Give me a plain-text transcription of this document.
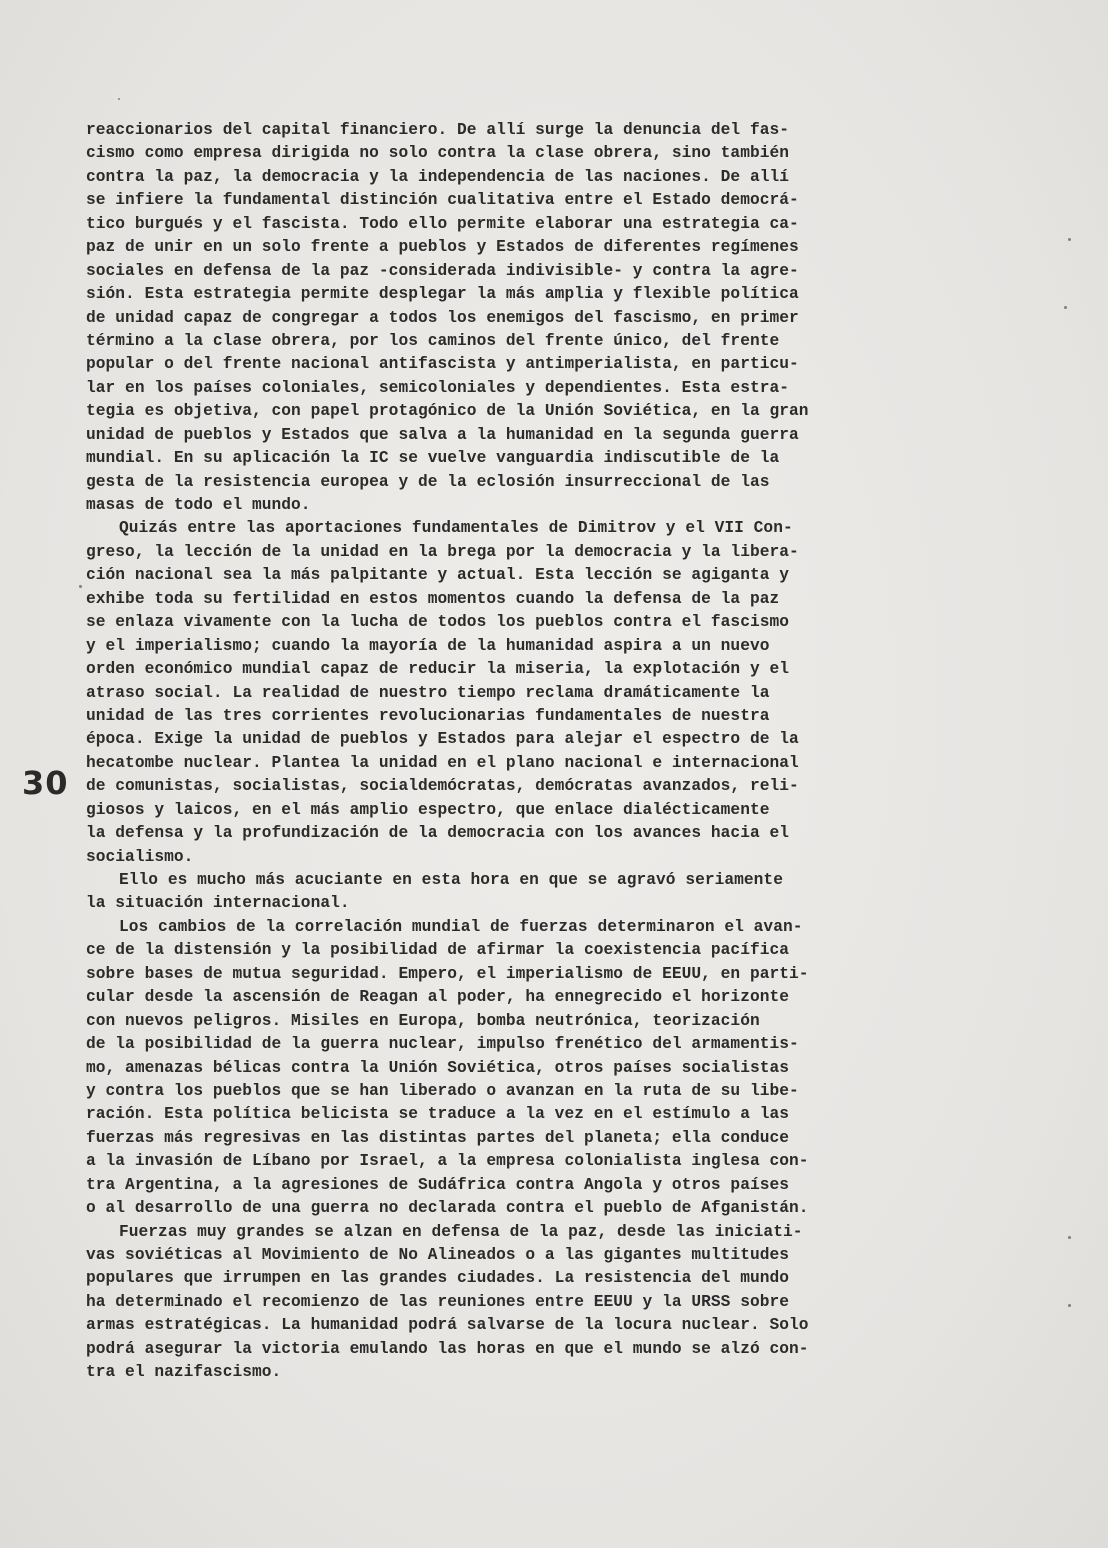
30
reaccionarios del capital financiero. De allí surge la denuncia del fas-
cismo como empresa dirigida no solo contra la clase obrera, sino también
contra la paz, la democracia y la independencia de las naciones. De allí
se infiere la fundamental distinción cualitativa entre el Estado democrá-
tico burgués y el fascista. Todo ello permite elaborar una estrategia ca-
paz de unir en un solo frente a pueblos y Estados de diferentes regímenes
sociales en defensa de la paz -considerada indivisible- y contra la agre-
sión. Esta estrategia permite desplegar la más amplia y flexible política
de unidad capaz de congregar a todos los enemigos del fascismo, en primer
término a la clase obrera, por los caminos del frente único, del frente
popular o del frente nacional antifascista y antimperialista, en particu-
lar en los países coloniales, semicoloniales y dependientes. Esta estra-
tegia es objetiva, con papel protagónico de la Unión Soviética, en la gran
unidad de pueblos y Estados que salva a la humanidad en la segunda guerra
mundial. En su aplicación la IC se vuelve vanguardia indiscutible de la
gesta de la resistencia europea y de la eclosión insurreccional de las
masas de todo el mundo.
Quizás entre las aportaciones fundamentales de Dimitrov y el VII Con-
greso, la lección de la unidad en la brega por la democracia y la libera-
ción nacional sea la más palpitante y actual. Esta lección se agiganta y
exhibe toda su fertilidad en estos momentos cuando la defensa de la paz
se enlaza vivamente con la lucha de todos los pueblos contra el fascismo
y el imperialismo; cuando la mayoría de la humanidad aspira a un nuevo
orden económico mundial capaz de reducir la miseria, la explotación y el
atraso social. La realidad de nuestro tiempo reclama dramáticamente la
unidad de las tres corrientes revolucionarias fundamentales de nuestra
época. Exige la unidad de pueblos y Estados para alejar el espectro de la
hecatombe nuclear. Plantea la unidad en el plano nacional e internacional
de comunistas, socialistas, socialdemócratas, demócratas avanzados, reli-
giosos y laicos, en el más amplio espectro, que enlace dialécticamente
la defensa y la profundización de la democracia con los avances hacia el
socialismo.
Ello es mucho más acuciante en esta hora en que se agravó seriamente
la situación internacional.
Los cambios de la correlación mundial de fuerzas determinaron el avan-
ce de la distensión y la posibilidad de afirmar la coexistencia pacífica
sobre bases de mutua seguridad. Empero, el imperialismo de EEUU, en parti-
cular desde la ascensión de Reagan al poder, ha ennegrecido el horizonte
con nuevos peligros. Misiles en Europa, bomba neutrónica, teorización
de la posibilidad de la guerra nuclear, impulso frenético del armamentis-
mo, amenazas bélicas contra la Unión Soviética, otros países socialistas
y contra los pueblos que se han liberado o avanzan en la ruta de su libe-
ración. Esta política belicista se traduce a la vez en el estímulo a las
fuerzas más regresivas en las distintas partes del planeta; ella conduce
a la invasión de Líbano por Israel, a la empresa colonialista inglesa con-
tra Argentina, a la agresiones de Sudáfrica contra Angola y otros países
o al desarrollo de una guerra no declarada contra el pueblo de Afganistán.
Fuerzas muy grandes se alzan en defensa de la paz, desde las iniciati-
vas soviéticas al Movimiento de No Alineados o a las gigantes multitudes
populares que irrumpen en las grandes ciudades. La resistencia del mundo
ha determinado el recomienzo de las reuniones entre EEUU y la URSS sobre
armas estratégicas. La humanidad podrá salvarse de la locura nuclear. Solo
podrá asegurar la victoria emulando las horas en que el mundo se alzó con-
tra el nazifascismo.
